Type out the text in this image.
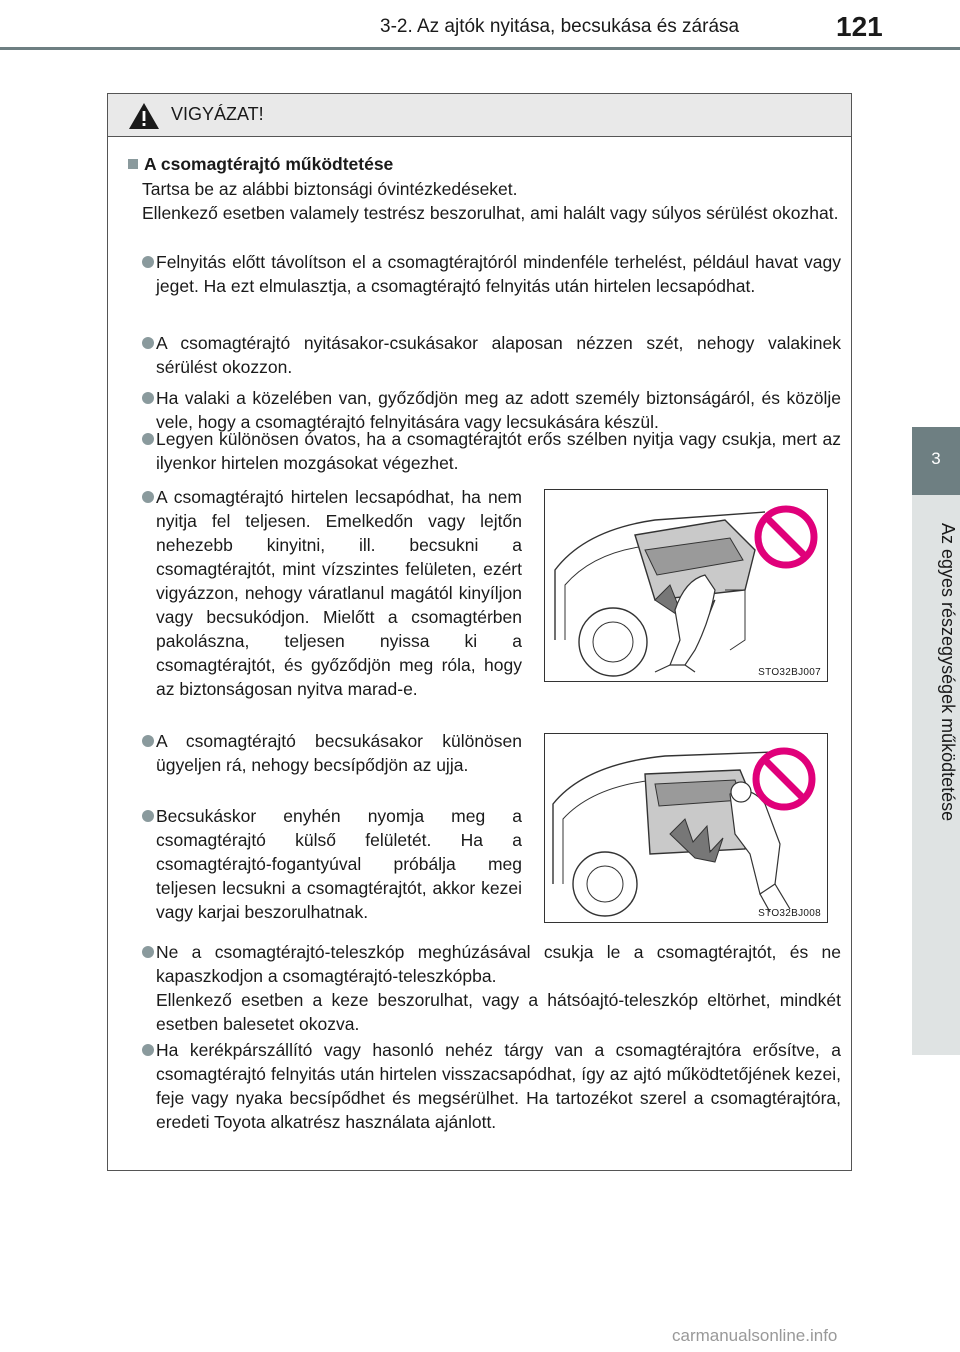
3-2. Az ajtók nyitása, becsukása és zárása	121
3
Az egyes részegységek működtetése
VIGYÁZAT!
A csomagtérajtó működtetése

Tartsa be az alábbi biztonsági óvintézkedéseket.

Ellenkező esetben valamely testrész beszorulhat, ami halált vagy súlyos sérülést okozhat.

Felnyitás előtt távolítson el a csomagtérajtóról mindenféle terhelést, például havat vagy jeget. Ha ezt elmulasztja, a csomagtérajtó felnyitás után hirtelen lecsapódhat.
A csomagtérajtó nyitásakor-csukásakor alaposan nézzen szét, nehogy valakinek sérülést okozzon.
Ha valaki a közelében van, győződjön meg az adott személy biztonságáról, és közölje vele, hogy a csomagtérajtó felnyitására vagy lecsukására készül.
Legyen különösen óvatos, ha a csomagtérajtót erős szélben nyitja vagy csukja, mert az ilyenkor hirtelen mozgásokat végezhet.
A csomagtérajtó hirtelen lecsapódhat, ha nem nyitja fel teljesen. Emelkedőn vagy lejtőn nehezebb kinyitni, ill. becsukni a csomagtérajtót, mint vízszintes felületen, ezért vigyázzon, nehogy váratlanul magától kinyíljon vagy becsukódjon. Mielőtt a csomagtérben pakolászna, teljesen nyissa ki a csomagtérajtót, és győződjön meg róla, hogy az biztonságosan nyitva marad-e.
STO32BJ007
A csomagtérajtó becsukásakor különösen ügyeljen rá, nehogy becsípődjön az ujja.
Becsukáskor enyhén nyomja meg a csomagtérajtó külső felületét. Ha a csomagtérajtó-fogantyúval próbálja meg teljesen lecsukni a csomagtérajtót, akkor kezei vagy karjai beszorulhatnak.	STO32BJ008

Ne a csomagtérajtó-teleszkóp meghúzásával csukja le a csomagtérajtót, és ne kapaszkodjon a csomagtérajtó-teleszkópba.

Ellenkező esetben a keze beszorulhat, vagy a hátsóajtó-teleszkóp eltörhet, mindkét esetben balesetet okozva.

Ha kerékpárszállító vagy hasonló nehéz tárgy van a csomagtérajtóra erősítve, a csomagtérajtó felnyitás után hirtelen visszacsapódhat, így az ajtó működtetőjének kezei, feje vagy nyaka becsípődhet és megsérülhet. Ha tartozékot szerel a csomagtérajtóra, eredeti Toyota alkatrész használata ajánlott.

carmanualsonline.info
